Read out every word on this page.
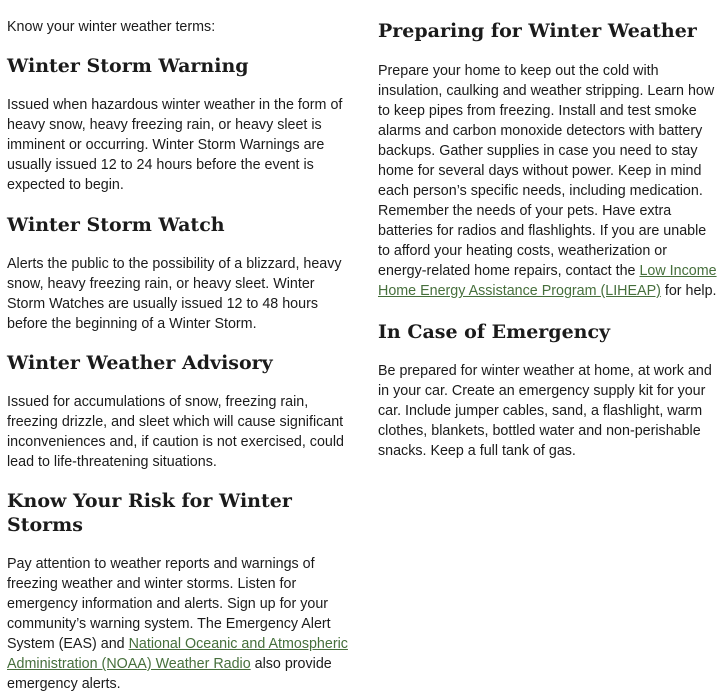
Know your winter weather terms:

Winter Storm Warning

Issued when hazardous winter weather in the form of heavy snow, heavy freezing rain, or heavy sleet is imminent or occurring. Winter Storm Warnings are usually issued 12 to 24 hours before the event is expected to begin.

Winter Storm Watch

Alerts the public to the possibility of a blizzard, heavy snow, heavy freezing rain, or heavy sleet. Winter Storm Watches are usually issued 12 to 48 hours before the beginning of a Winter Storm.

Winter Weather Advisory

Issued for accumulations of snow, freezing rain, freezing drizzle, and sleet which will cause significant inconveniences and, if caution is not exercised, could lead to life-threatening situations.

Know Your Risk for Winter Storms

Pay attention to weather reports and warnings of freezing weather and winter storms. Listen for emergency information and alerts. Sign up for your community’s warning system. The Emergency Alert System (EAS) and National Oceanic and Atmospheric Administration (NOAA) Weather Radio also provide emergency alerts.

Preparing for Winter Weather

Prepare your home to keep out the cold with insulation, caulking and weather stripping. Learn how to keep pipes from freezing. Install and test smoke alarms and carbon monoxide detectors with battery backups. Gather supplies in case you need to stay home for several days without power. Keep in mind each person’s specific needs, including medication. Remember the needs of your pets. Have extra batteries for radios and flashlights. If you are unable to afford your heating costs, weatherization or energy-related home repairs, contact the Low Income Home Energy Assistance Program (LIHEAP) for help.

In Case of Emergency

Be prepared for winter weather at home, at work and in your car. Create an emergency supply kit for your car. Include jumper cables, sand, a flashlight, warm clothes, blankets, bottled water and non-perishable snacks. Keep a full tank of gas.
